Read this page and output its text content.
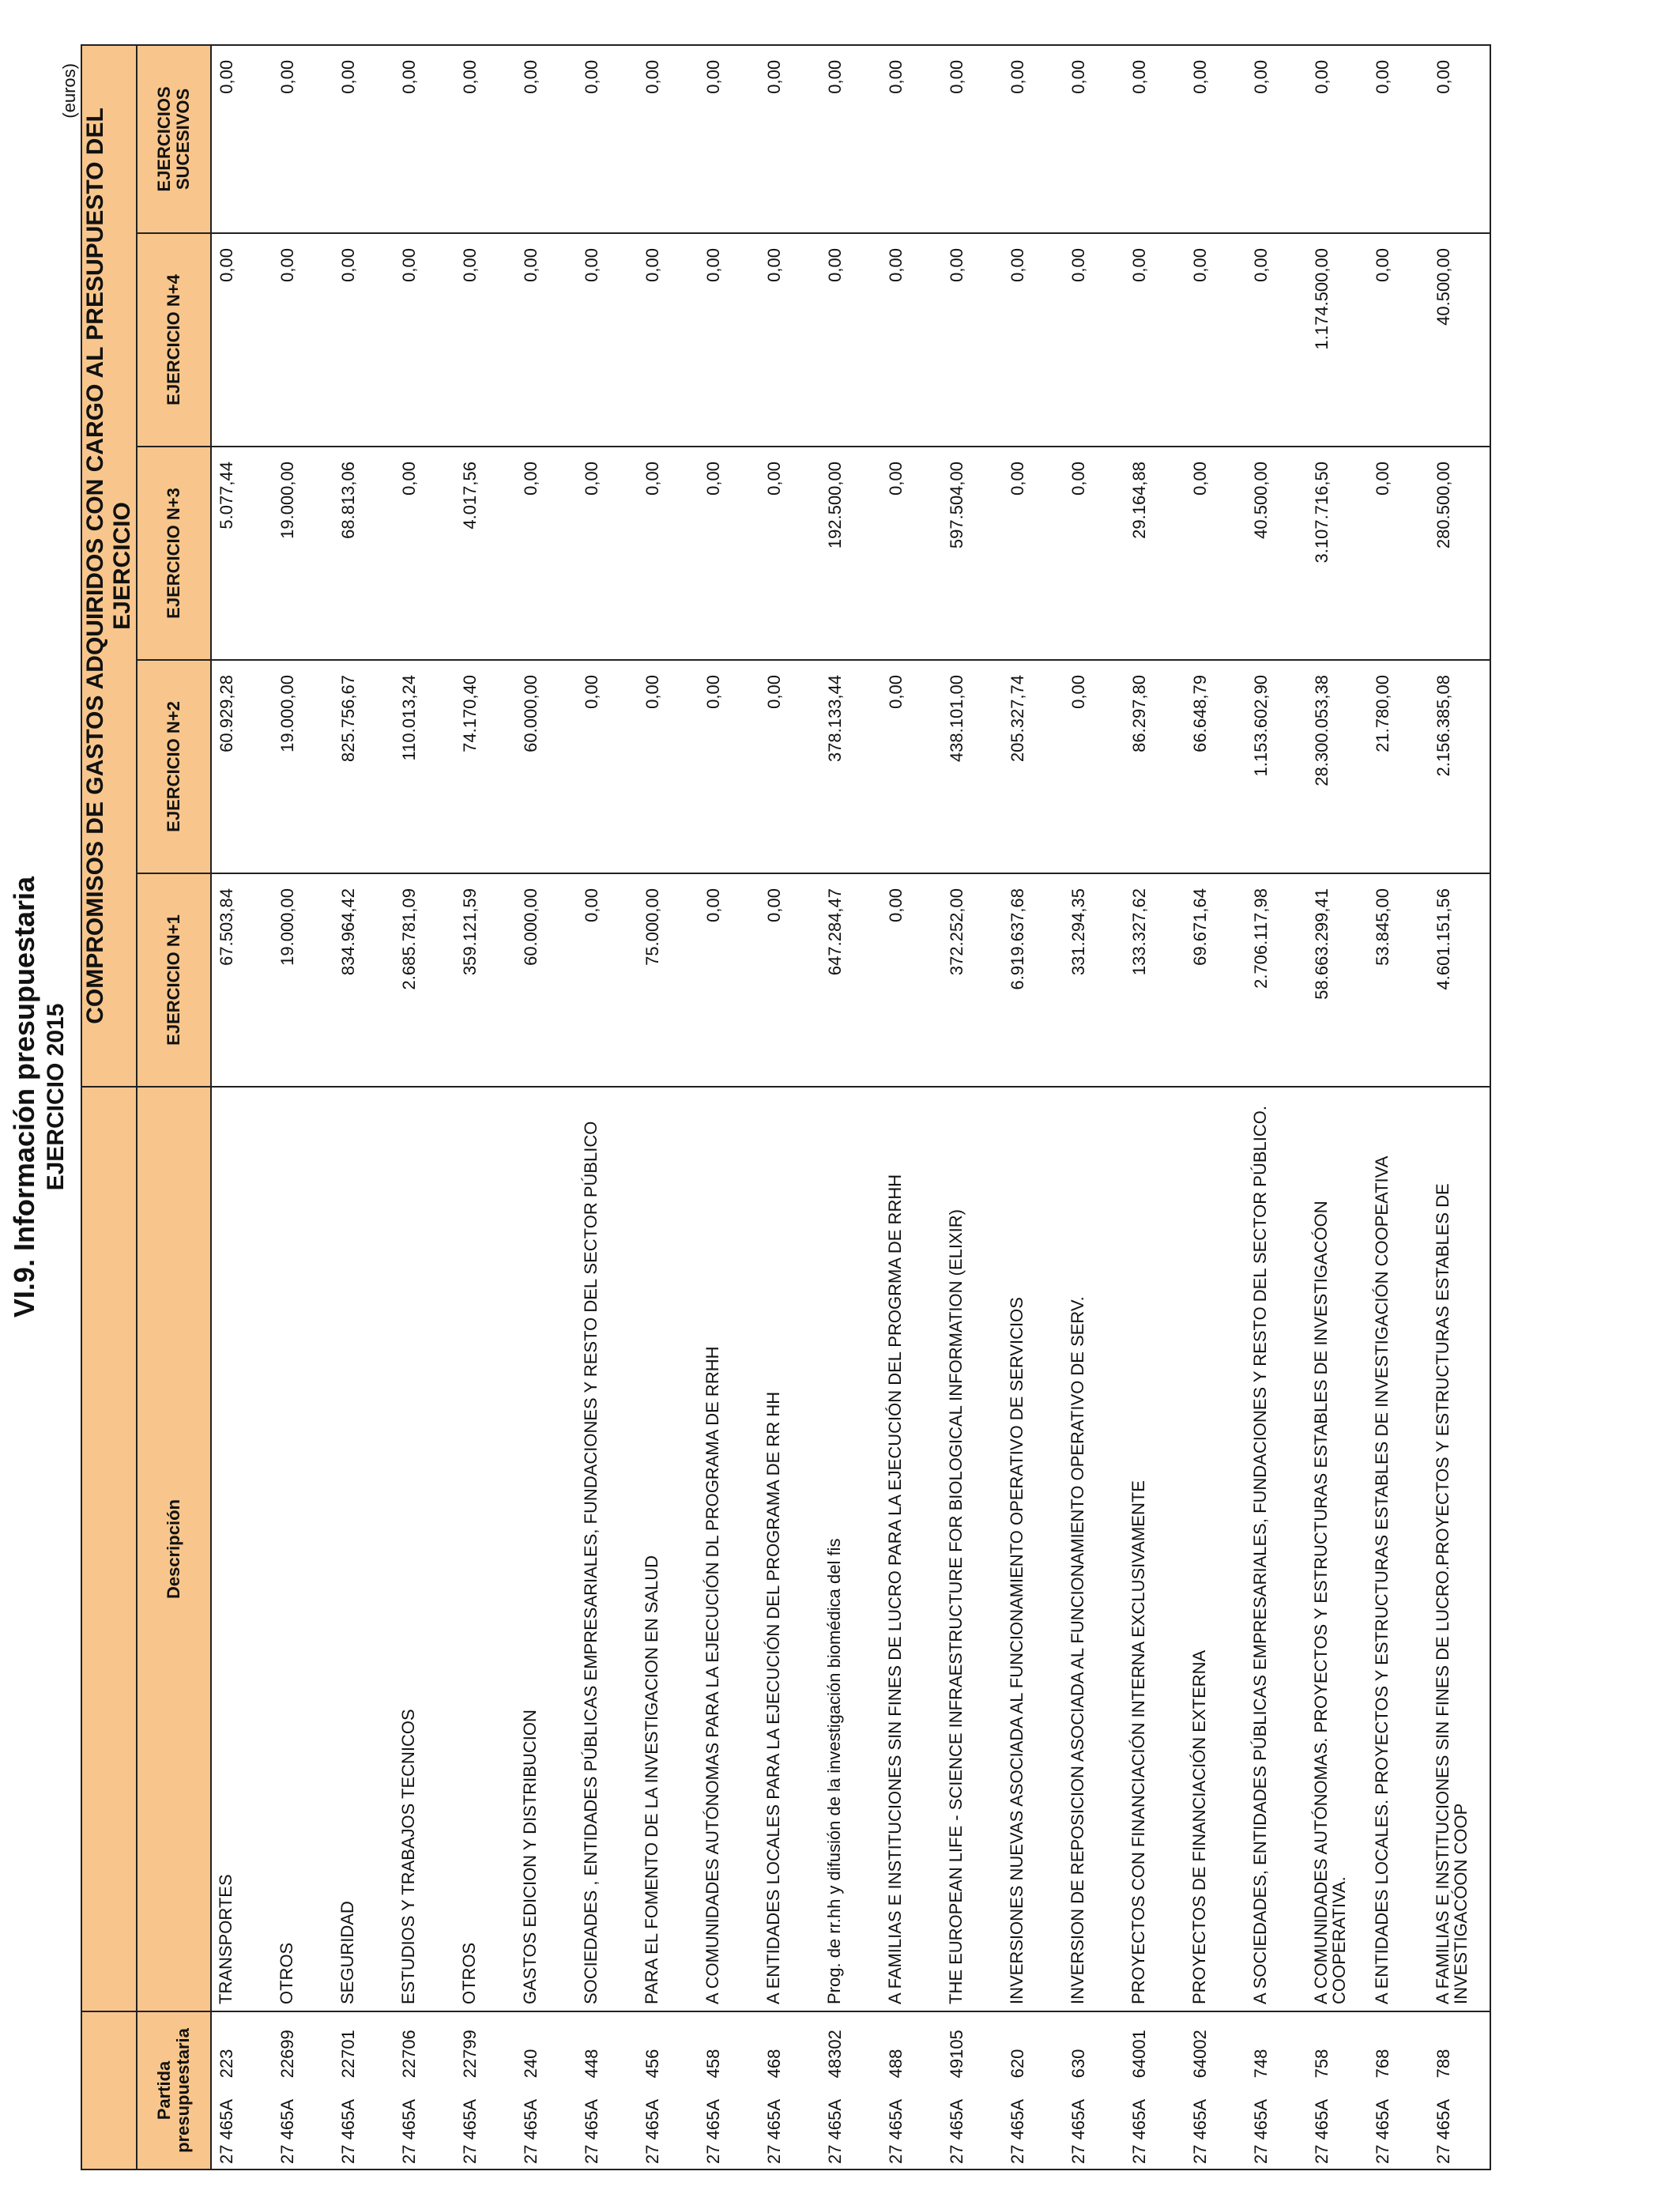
VI.9. Información presupuestaria EJERCICIO 2015
(euros)
		COMPROMISOS DE GASTOS ADQUIRIDOS CON CARGO AL PRESUPUESTO DEL EJERCICIO				
Partida presupuestaria	Descripción	EJERCICIO N+1	EJERCICIO N+2	EJERCICIO N+3	EJERCICIO N+4	EJERCICIOS SUCESIVOS
27 465A223	TRANSPORTES	67.503,84	60.929,28	5.077,44	0,00	0,00
27 465A22699	OTROS	19.000,00	19.000,00	19.000,00	0,00	0,00
27 465A22701	SEGURIDAD	834.964,42	825.756,67	68.813,06	0,00	0,00
27 465A22706	ESTUDIOS Y TRABAJOS TECNICOS	2.685.781,09	110.013,24	0,00	0,00	0,00
27 465A22799	OTROS	359.121,59	74.170,40	4.017,56	0,00	0,00
27 465A240	GASTOS EDICION Y DISTRIBUCION	60.000,00	60.000,00	0,00	0,00	0,00
27 465A448	SOCIEDADES , ENTIDADES PÚBLICAS EMPRESARIALES, FUNDACIONES Y RESTO DEL SECTOR PÚBLICO	0,00	0,00	0,00	0,00	0,00
27 465A456	PARA EL FOMENTO DE LA INVESTIGACION EN SALUD	75.000,00	0,00	0,00	0,00	0,00
27 465A458	A COMUNIDADES AUTÓNOMAS PARA LA EJECUCIÓN DL PROGRAMA DE RRHH	0,00	0,00	0,00	0,00	0,00
27 465A468	A ENTIDADES LOCALES PARA LA EJECUCIÓN DEL PROGRAMA DE RR HH	0,00	0,00	0,00	0,00	0,00
27 465A48302	Prog. de rr.hh y difusión de la investigación biomédica del fis	647.284,47	378.133,44	192.500,00	0,00	0,00
27 465A488	A FAMILIAS E INSTITUCIONES SIN FINES DE LUCRO PARA LA EJECUCIÓN DEL PROGRMA DE RRHH	0,00	0,00	0,00	0,00	0,00
27 465A49105	THE EUROPEAN LIFE - SCIENCE INFRAESTRUCTURE FOR BIOLOGICAL INFORMATION (ELIXIR)	372.252,00	438.101,00	597.504,00	0,00	0,00
27 465A620	INVERSIONES NUEVAS ASOCIADA AL FUNCIONAMIENTO OPERATIVO DE SERVICIOS	6.919.637,68	205.327,74	0,00	0,00	0,00
27 465A630	INVERSION DE REPOSICION ASOCIADA AL FUNCIONAMIENTO OPERATIVO DE SERV.	331.294,35	0,00	0,00	0,00	0,00
27 465A64001	PROYECTOS CON FINANCIACIÓN INTERNA EXCLUSIVAMENTE	133.327,62	86.297,80	29.164,88	0,00	0,00
27 465A64002	PROYECTOS DE FINANCIACIÓN EXTERNA	69.671,64	66.648,79	0,00	0,00	0,00
27 465A748	A SOCIEDADES, ENTIDADES PÚBLICAS EMPRESARIALES, FUNDACIONES Y RESTO DEL SECTOR PÚBLICO.	2.706.117,98	1.153.602,90	40.500,00	0,00	0,00
27 465A758	A COMUNIDADES AUTÓNOMAS. PROYECTOS Y ESTRUCTURAS ESTABLES DE INVESTIGACÓON COOPERATIVA.	58.663.299,41	28.300.053,38	3.107.716,50	1.174.500,00	0,00
27 465A768	A ENTIDADES LOCALES. PROYECTOS Y ESTRUCTURAS ESTABLES DE INVESTIGACIÓN COOPEATIVA	53.845,00	21.780,00	0,00	0,00	0,00
27 465A788	A FAMILIAS E INSTITUCIONES SIN FINES DE LUCRO.PROYECTOS Y ESTRUCTURAS ESTABLES DE INVESTIGACÓON COOP	4.601.151,56	2.156.385,08	280.500,00	40.500,00	0,00
